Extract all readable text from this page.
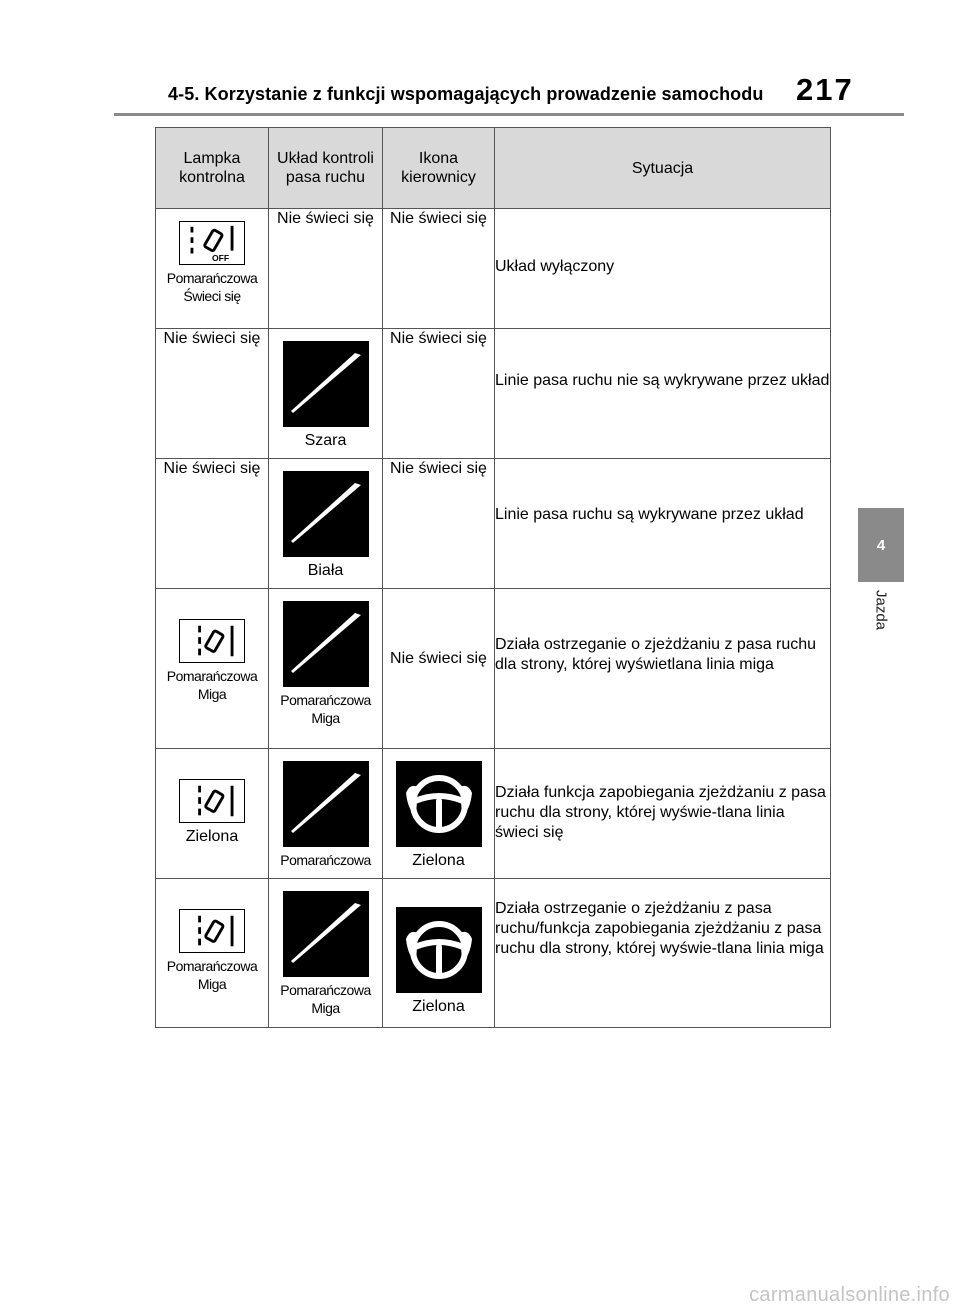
4-5. Korzystanie z funkcji wspomagających prowadzenie samochodu 217
4
Jazda
Lampka kontrolna	Układ kontroli pasa ruchu	Ikona kierownicy	Sytuacja

OFF
Pomarańczowa Świeci się	Nie świeci się	Nie świeci się	Układ wyłączony

Nie świeci się	Szara	Nie świeci się	Linie pasa ruchu nie są wykrywane przez układ

Nie świeci się	Biała	Nie świeci się	Linie pasa ruchu są wykrywane przez układ

Pomarańczowa Miga	Pomarańczowa Miga	Nie świeci się	Działa ostrzeganie o zjeżdżaniu z pasa ruchu dla strony, której wyświetlana linia miga

Zielona	Pomarańczowa	Zielona	Działa funkcja zapobiegania zjeżdżaniu z pasa ruchu dla strony, której wyświe-tlana linia świeci się

Pomarańczowa Miga	Pomarańczowa Miga	Zielona	Działa ostrzeganie o zjeżdżaniu z pasa ruchu/funkcja zapobiegania zjeżdżaniu z pasa ruchu dla strony, której wyświe-tlana linia miga
carmanualsonline.info
